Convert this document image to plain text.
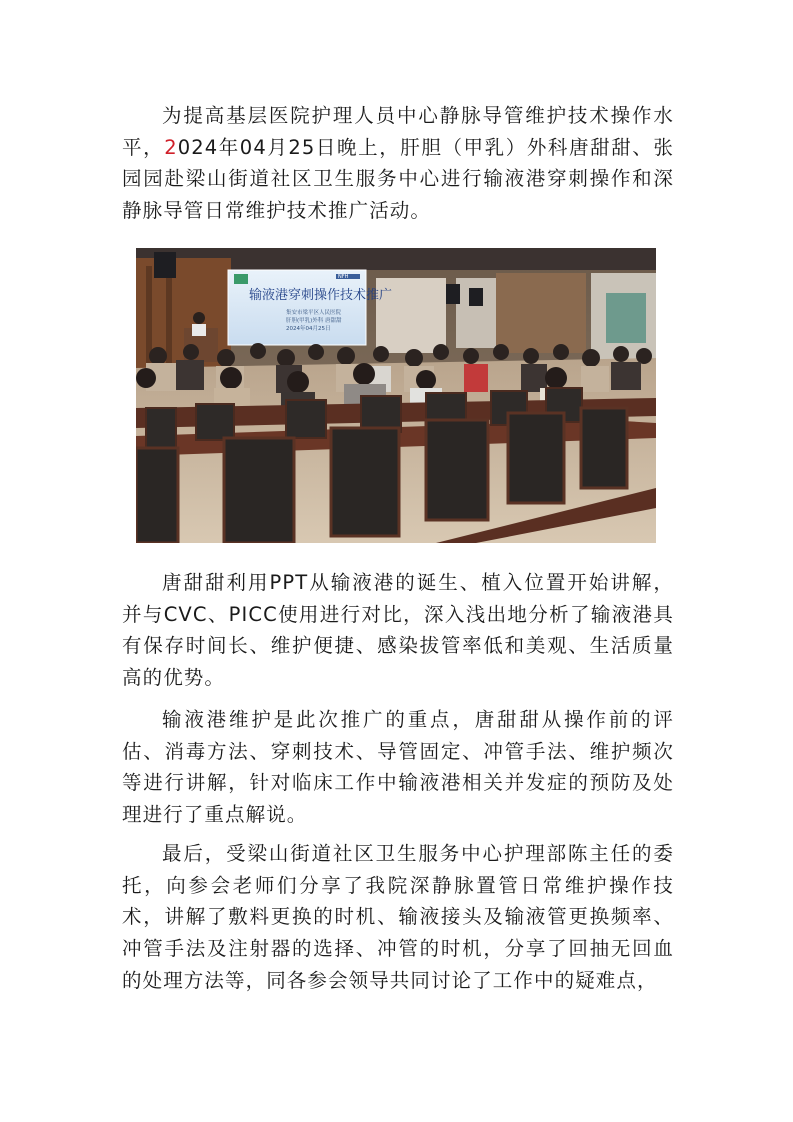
为提高基层医院护理人员中心静脉导管维护技术操作水平，2024年04月25日晚上，肝胆（甲乳）外科唐甜甜、张园园赴梁山街道社区卫生服务中心进行输液港穿刺操作和深静脉导管日常维护技术推广活动。

NFH
输液港穿刺操作技术推广
集安市梁平区人民医院
肝胆(甲乳)外科 唐甜甜
2024年04月25日

唐甜甜利用PPT从输液港的诞生、植入位置开始讲解，并与CVC、PICC使用进行对比，深入浅出地分析了输液港具有保存时间长、维护便捷、感染拔管率低和美观、生活质量高的优势。

输液港维护是此次推广的重点，唐甜甜从操作前的评估、消毒方法、穿刺技术、导管固定、冲管手法、维护频次等进行讲解，针对临床工作中输液港相关并发症的预防及处理进行了重点解说。

最后，受梁山街道社区卫生服务中心护理部陈主任的委托，向参会老师们分享了我院深静脉置管日常维护操作技术，讲解了敷料更换的时机、输液接头及输液管更换频率、冲管手法及注射器的选择、冲管的时机，分享了回抽无回血的处理方法等，同各参会领导共同讨论了工作中的疑难点，
